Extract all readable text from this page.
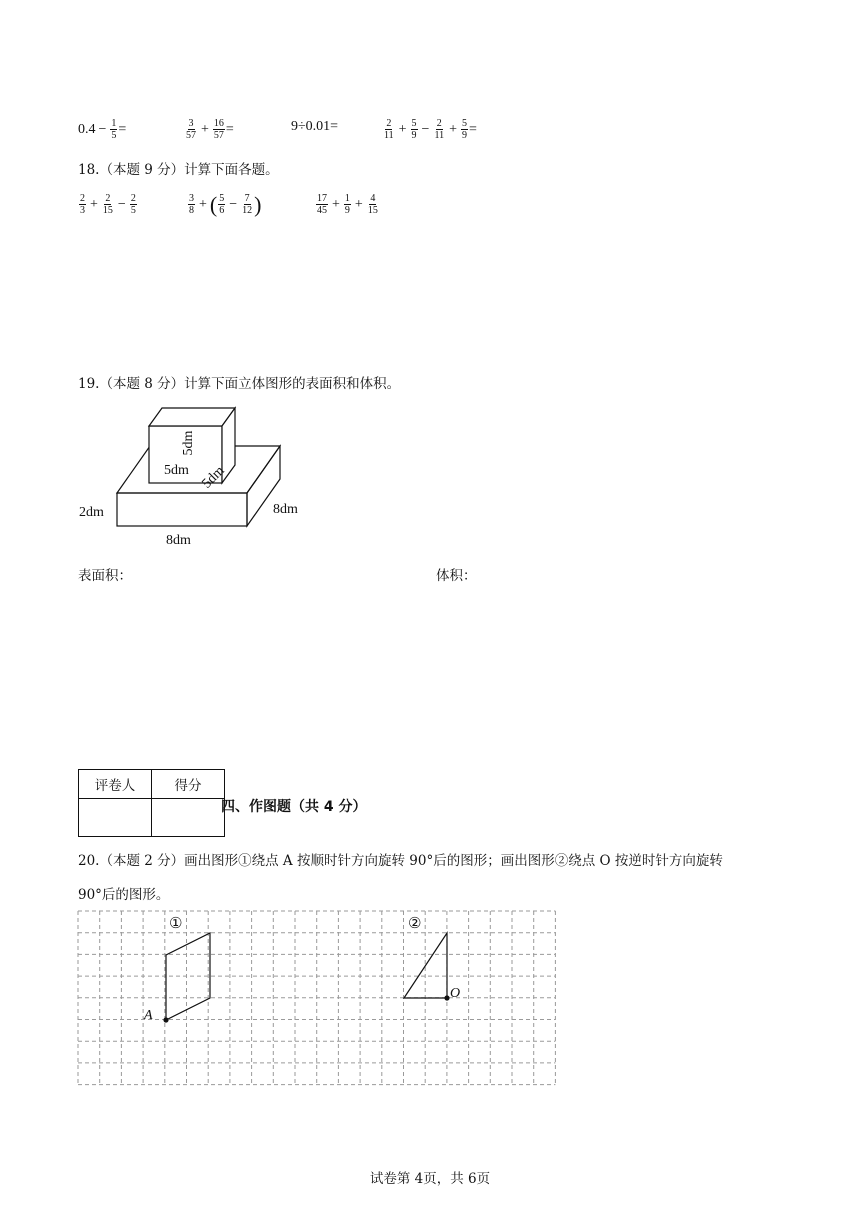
$0.4 - \frac{1}{5}$ =	$\frac{3}{57} + \frac{16}{57}$ =	9÷0.01=	$\frac{2}{11} + \frac{5}{9} - \frac{2}{11} + \frac{5}{9}$ =
18.（本题 9 分）计算下面各题。
$\frac{2}{3} + \frac{2}{15} - \frac{2}{5}$	$\frac{3}{8}$ + ( $\frac{5}{6} - \frac{7}{12}$ )	$\frac{17}{45} + \frac{1}{9} + \frac{4}{15}$
19.（本题 8 分）计算下面立体图形的表面积和体积。
5dm
5dm 5dm
2dm	8dm
8dm
表面积：	体积：
评卷人	得分

四、作图题（共 4 分）
20.（本题 2 分）画出图形①绕点 A 按顺时针方向旋转 90°后的图形；画出图形②绕点 O 按逆时针方向旋转
90°后的图形。
①	②
A
O
试卷第 4页，共 6页
